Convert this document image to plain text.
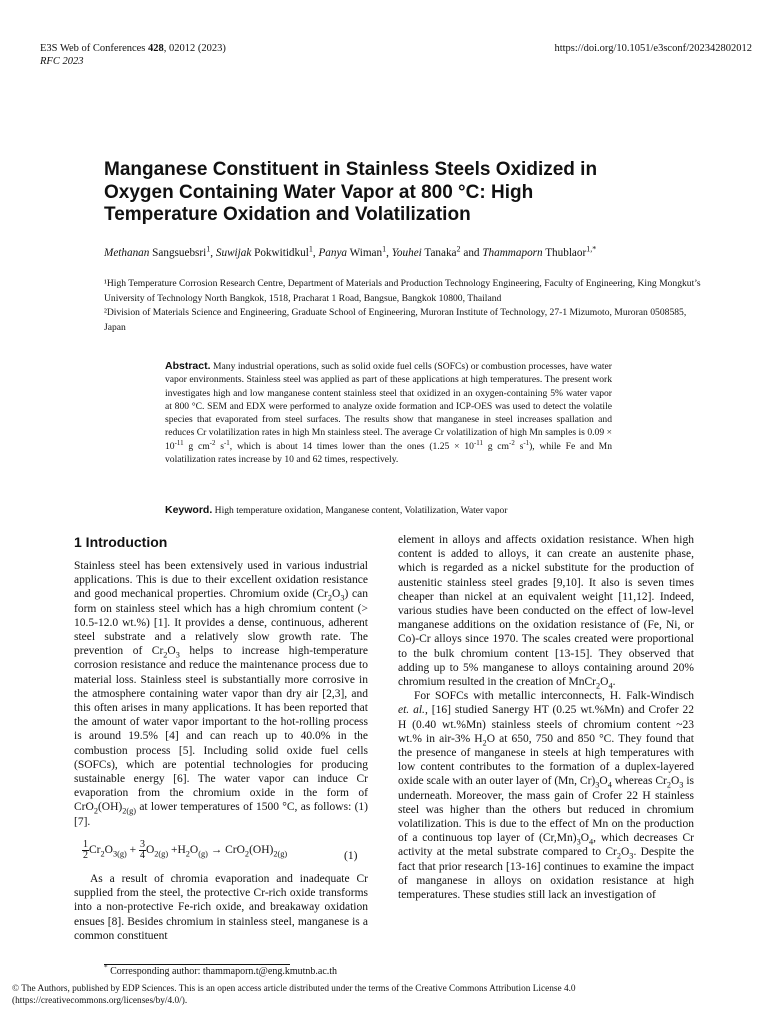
E3S Web of Conferences 428, 02012 (2023)
RFC 2023
https://doi.org/10.1051/e3sconf/202342802012

Manganese Constituent in Stainless Steels Oxidized in

Oxygen Containing Water Vapor at 800 °C: High

Temperature Oxidation and Volatilization

Methanan Sangsuebsri$^1$, Suwijak Pokwitidkul$^1$, Panya Wiman$^1$, Youhei Tanaka$^2$ and Thammaporn Thublaor$^{1,*}$

¹High Temperature Corrosion Research Centre, Department of Materials and Production Technology Engineering, Faculty of Engineering, King Mongkut’s University of Technology North Bangkok, 1518, Pracharat 1 Road, Bangsue, Bangkok 10800, Thailand

²Division of Materials Science and Engineering, Graduate School of Engineering, Muroran Institute of Technology, 27-1 Mizumoto, Muroran 0508585, Japan

Abstract. Many industrial operations, such as solid oxide fuel cells (SOFCs) or combustion processes, have water vapor environments. Stainless steel was applied as part of these applications at high temperatures. The present work investigates high and low manganese content stainless steel that oxidized in an oxygen-containing 5% water vapor at 800 °C. SEM and EDX were performed to analyze oxide formation and ICP-OES was used to detect the volatile species that evaporated from steel surfaces. The results show that manganese in steel increases spallation and reduces Cr volatilization rates in high Mn stainless steel. The average Cr volatilization of high Mn samples is $0.09 \times 10^{-11}$ g $cm^{-2}$ $s^{-1}$, which is about 14 times lower than the ones ($1.25 \times 10^{-11}$ g $cm^{-2}$ $s^{-1}$), while Fe and Mn volatilization rates increase by 10 and 62 times, respectively.
Keyword. High temperature oxidation, Manganese content, Volatilization, Water vapor
1 Introduction

Stainless steel has been extensively used in various industrial applications. This is due to their excellent oxidation resistance and good mechanical properties. Chromium oxide $(Cr_2O_3)$ can form on stainless steel which has a high chromium content (> 10.5-12.0 wt.%) [1]. It provides a dense, continuous, adherent steel substrate and a relatively slow growth rate. The prevention of $Cr_2O_3$ helps to increase high-temperature corrosion resistance and reduce the maintenance process due to material loss. Stainless steel is substantially more corrosive in the atmosphere containing water vapor than dry air [2,3], and this often arises in many applications. It has been reported that the amount of water vapor important to the hot-rolling process is around 19.5% [4] and can reach up to 40.0% in the combustion process [5]. Including solid oxide fuel cells (SOFCs), which are potential technologies for producing sustainable energy [6]. The water vapor can induce Cr evaporation from the chromium oxide in the form of $CrO_2(OH)_{2(g)}$ at lower temperatures of 1500 °C, as follows: (1) [7].

$\frac{1}{2} Cr_2O_{3(g)} + \frac{3}{4} O_{2(g)} +H_2O_{(g)} \to CrO_2(OH)_{2(g)}$	(1)

As a result of chromia evaporation and inadequate Cr supplied from the steel, the protective Cr-rich oxide transforms into a non-protective Fe-rich oxide, and breakaway oxidation ensues [8]. Besides chromium in stainless steel, manganese is a common constituent

element in alloys and affects oxidation resistance. When high content is added to alloys, it can create an austenite phase, which is regarded as a nickel substitute for the production of austenitic stainless steel grades [9,10]. It also is seven times cheaper than nickel at an equivalent weight [11,12]. Indeed, various studies have been conducted on the effect of low-level manganese additions on the oxidation resistance of (Fe, Ni, or Co)-Cr alloys since 1970. The scales created were proportional to the bulk chromium content [13-15]. They observed that adding up to 5% manganese to alloys containing around 20% chromium resulted in the creation of $MnCr_2O_4$.

For SOFCs with metallic interconnects, H. Falk-Windisch et. al., [16] studied Sanergy HT (0.25 wt.%Mn) and Crofer 22 H (0.40 wt.%Mn) stainless steels of chromium content ~23 wt.% in air-3% $H_2O$ at 650, 750 and 850 °C. They found that the presence of manganese in steels at high temperatures with low content contributes to the formation of a duplex-layered oxide scale with an outer layer of (Mn, $Cr)_3O_4$ whereas $Cr_2O_3$ is underneath. Moreover, the mass gain of Crofer 22 H stainless steel was higher than the others but reduced in chromium volatilization. This is due to the effect of Mn on the production of a continuous top layer of $(Cr,Mn)_3O_4$, which decreases Cr activity at the metal substrate compared to $Cr_2O_3$. Despite the fact that prior research [13-16] continues to examine the impact of manganese in alloys on oxidation resistance at high temperatures. These studies still lack an investigation of

* Corresponding author: thammaporn.t@eng.kmutnb.ac.th

© The Authors, published by EDP Sciences. This is an open access article distributed under the terms of the Creative Commons Attribution License 4.0

(https://creativecommons.org/licenses/by/4.0/).
